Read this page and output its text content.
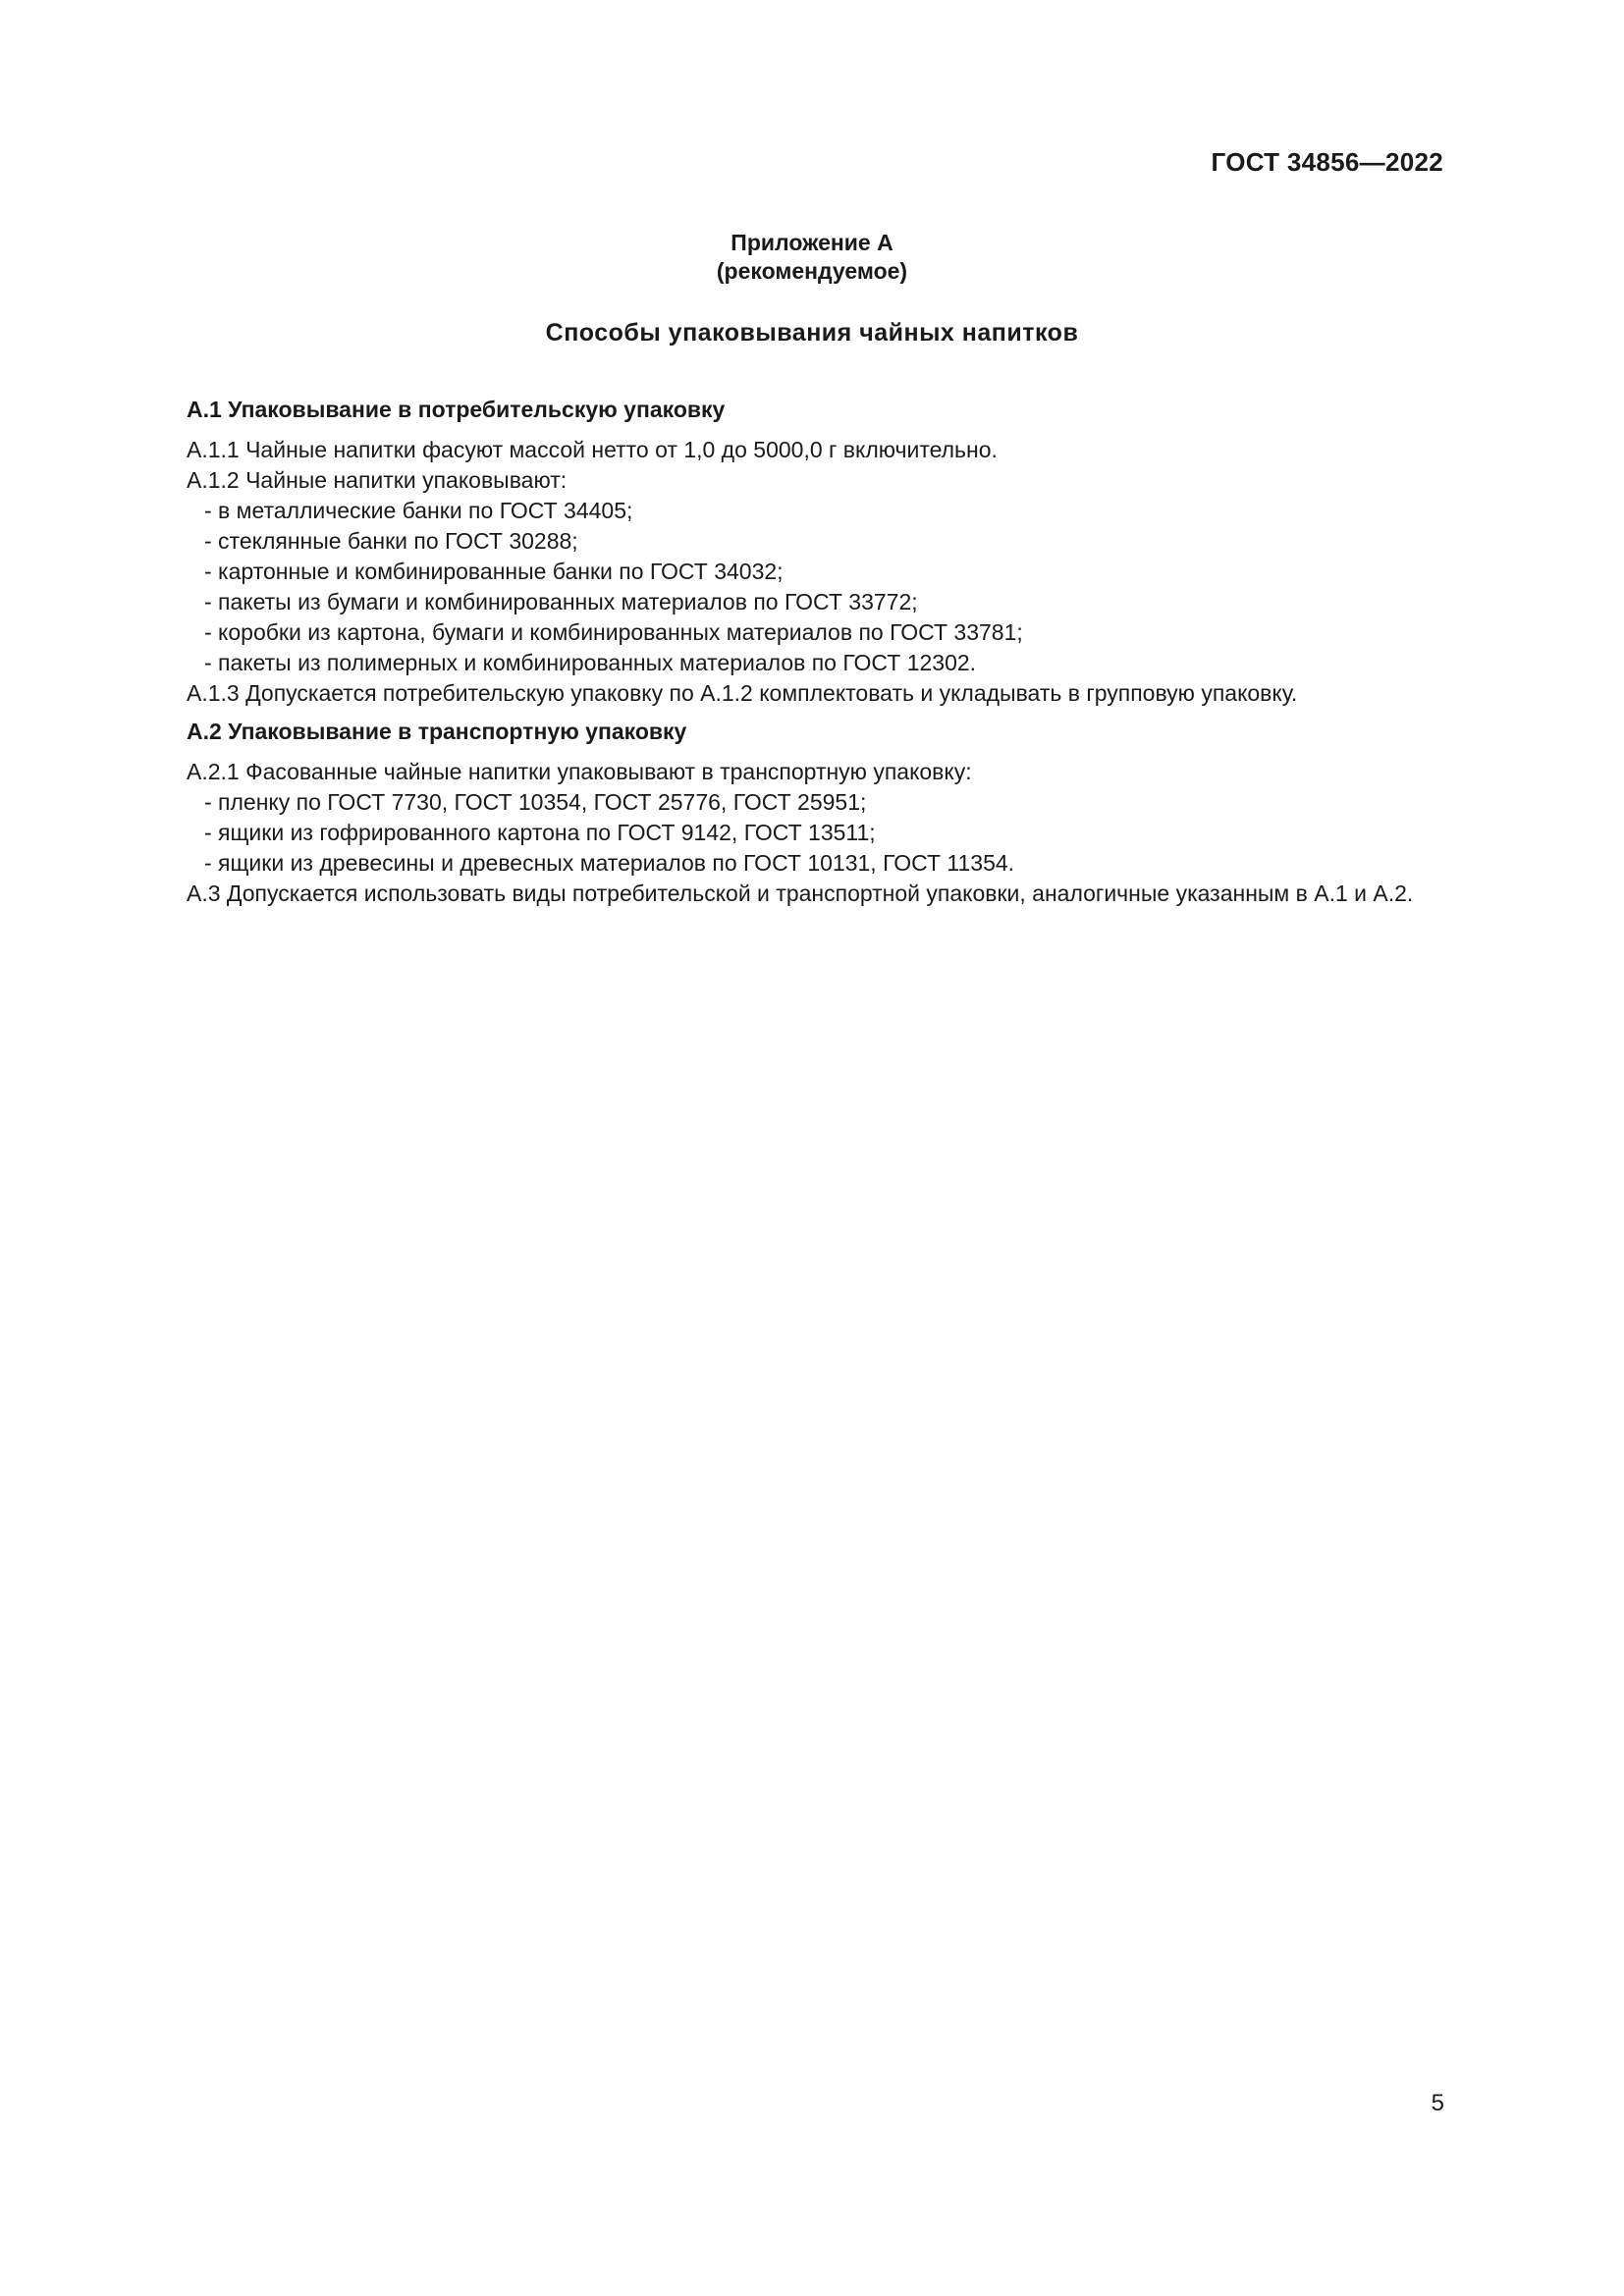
ГОСТ 34856—2022
Приложение А
(рекомендуемое)
Способы упаковывания чайных напитков
А.1 Упаковывание в потребительскую упаковку

А.1.1 Чайные напитки фасуют массой нетто от 1,0 до 5000,0 г включительно.

А.1.2 Чайные напитки упаковывают:

- в металлические банки по ГОСТ 34405;

- стеклянные банки по ГОСТ 30288;

- картонные и комбинированные банки по ГОСТ 34032;

- пакеты из бумаги и комбинированных материалов по ГОСТ 33772;

- коробки из картона, бумаги и комбинированных материалов по ГОСТ 33781;

- пакеты из полимерных и комбинированных материалов по ГОСТ 12302.

А.1.3 Допускается потребительскую упаковку по А.1.2 комплектовать и укладывать в групповую упаковку.

А.2 Упаковывание в транспортную упаковку

А.2.1 Фасованные чайные напитки упаковывают в транспортную упаковку:

- пленку по ГОСТ 7730, ГОСТ 10354, ГОСТ 25776, ГОСТ 25951;

- ящики из гофрированного картона по ГОСТ 9142, ГОСТ 13511;

- ящики из древесины и древесных материалов по ГОСТ 10131, ГОСТ 11354.

А.3 Допускается использовать виды потребительской и транспортной упаковки, аналогичные указанным в А.1 и А.2.

5
